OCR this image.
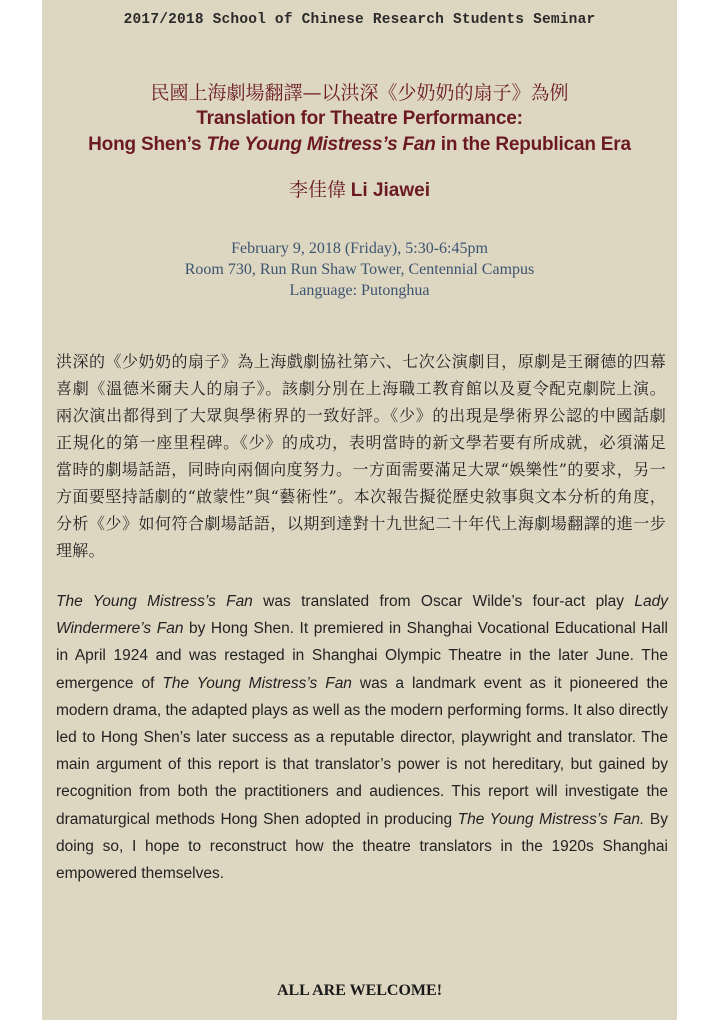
2017/2018 School of Chinese Research Students Seminar
民國上海劇場翻譯—以洪深《少奶奶的扇子》為例
Translation for Theatre Performance:
Hong Shen’s The Young Mistress’s Fan in the Republican Era
李佳偉 Li Jiawei
February 9, 2018 (Friday), 5:30-6:45pm
Room 730, Run Run Shaw Tower, Centennial Campus
Language: Putonghua
洪深的《少奶奶的扇子》為上海戲劇協社第六、七次公演劇目，原劇是王爾德的四幕喜劇《溫德米爾夫人的扇子》。該劇分別在上海職工教育館以及夏令配克劇院上演。兩次演出都得到了大眾與學術界的一致好評。《少》的出現是學術界公認的中國話劇正規化的第一座里程碑。《少》的成功，表明當時的新文學若要有所成就，必須滿足當時的劇場話語，同時向兩個向度努力。一方面需要滿足大眾“娛樂性”的要求，另一方面要堅持話劇的“啟蒙性”與“藝術性”。本次報告擬從歷史敘事與文本分析的角度，分析《少》如何符合劇場話語，以期到達對十九世紀二十年代上海劇場翻譯的進一步理解。
The Young Mistress’s Fan was translated from Oscar Wilde’s four-act play Lady Windermere’s Fan by Hong Shen. It premiered in Shanghai Vocational Educational Hall in April 1924 and was restaged in Shanghai Olympic Theatre in the later June. The emergence of The Young Mistress’s Fan was a landmark event as it pioneered the modern drama, the adapted plays as well as the modern performing forms. It also directly led to Hong Shen’s later success as a reputable director, playwright and translator. The main argument of this report is that translator’s power is not hereditary, but gained by recognition from both the practitioners and audiences. This report will investigate the dramaturgical methods Hong Shen adopted in producing The Young Mistress’s Fan. By doing so, I hope to reconstruct how the theatre translators in the 1920s Shanghai empowered themselves.
ALL ARE WELCOME!
